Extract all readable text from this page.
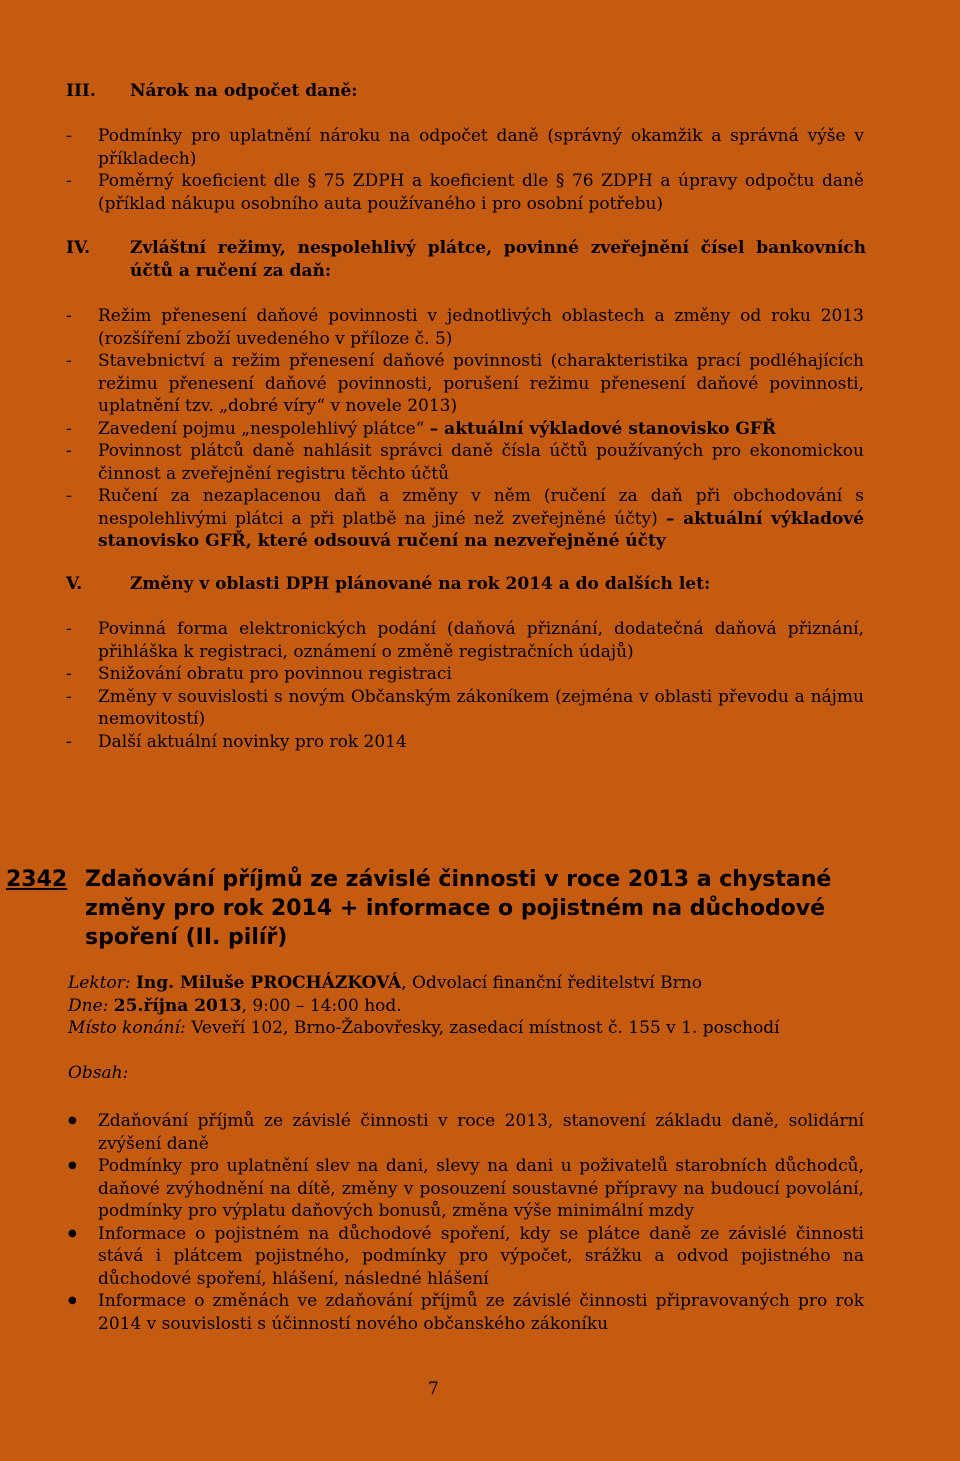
III. Nárok na odpočet daně:
- Podmínky pro uplatnění nároku na odpočet daně (správný okamžik a správná výše v příkladech)
- Poměrný koeficient dle § 75 ZDPH a koeficient dle § 76 ZDPH a úpravy odpočtu daně (příklad nákupu osobního auta používaného i pro osobní potřebu)
IV. Zvláštní režimy, nespolehlivý plátce, povinné zveřejnění čísel bankovních účtů a ručení za daň:
- Režim přenesení daňové povinnosti v jednotlivých oblastech a změny od roku 2013 (rozšíření zboží uvedeného v příloze č. 5)
- Stavebnictví a režim přenesení daňové povinnosti (charakteristika prací podléhajících režimu přenesení daňové povinnosti, porušení režimu přenesení daňové povinnosti, uplatnění tzv. „dobré víry“ v novele 2013)
- Zavedení pojmu „nespolehlivý plátce“ – aktuální výkladové stanovisko GFŘ
- Povinnost plátců daně nahlásit správci daně čísla účtů používaných pro ekonomickou činnost a zveřejnění registru těchto účtů
- Ručení za nezaplacenou daň a změny v něm (ručení za daň při obchodování s nespolehlivými plátci a při platbě na jiné než zveřejněné účty) – aktuální výkladové stanovisko GFŘ, které odsouvá ručení na nezveřejněné účty
V.	Změny v oblasti DPH plánované na rok 2014 a do dalších let:
- Povinná forma elektronických podání (daňová přiznání, dodatečná daňová přiznání, přihláška k registraci, oznámení o změně registračních údajů)
- Snižování obratu pro povinnou registraci
- Změny v souvislosti s novým Občanským zákoníkem (zejména v oblasti převodu a nájmu nemovitostí)
- Další aktuální novinky pro rok 2014
2342 Zdaňování příjmů ze závislé činnosti v roce 2013 a chystané změny pro rok 2014 + informace o pojistném na důchodové spoření (II. pilíř)
Lektor: Ing. Miluše PROCHÁZKOVÁ, Odvolací finanční ředitelství Brno
Dne: 25.října 2013, 9:00 – 14:00 hod.
Místo konání: Veveří 102, Brno-Žabovřesky, zasedací místnost č. 155 v 1. poschodí
Obsah:
● Zdaňování příjmů ze závislé činnosti v roce 2013, stanovení základu daně, solidární zvýšení daně
● Podmínky pro uplatnění slev na dani, slevy na dani u poživatelů starobních důchodců, daňové zvýhodnění na dítě, změny v posouzení soustavné přípravy na budoucí povolání, podmínky pro výplatu daňových bonusů, změna výše minimální mzdy
● Informace o pojistném na důchodové spoření, kdy se plátce daně ze závislé činnosti stává i plátcem pojistného, podmínky pro výpočet, srážku a odvod pojistného na důchodové spoření, hlášení, následné hlášení
● Informace o změnách ve zdaňování příjmů ze závislé činnosti připravovaných pro rok 2014 v souvislosti s účinností nového občanského zákoníku
7
